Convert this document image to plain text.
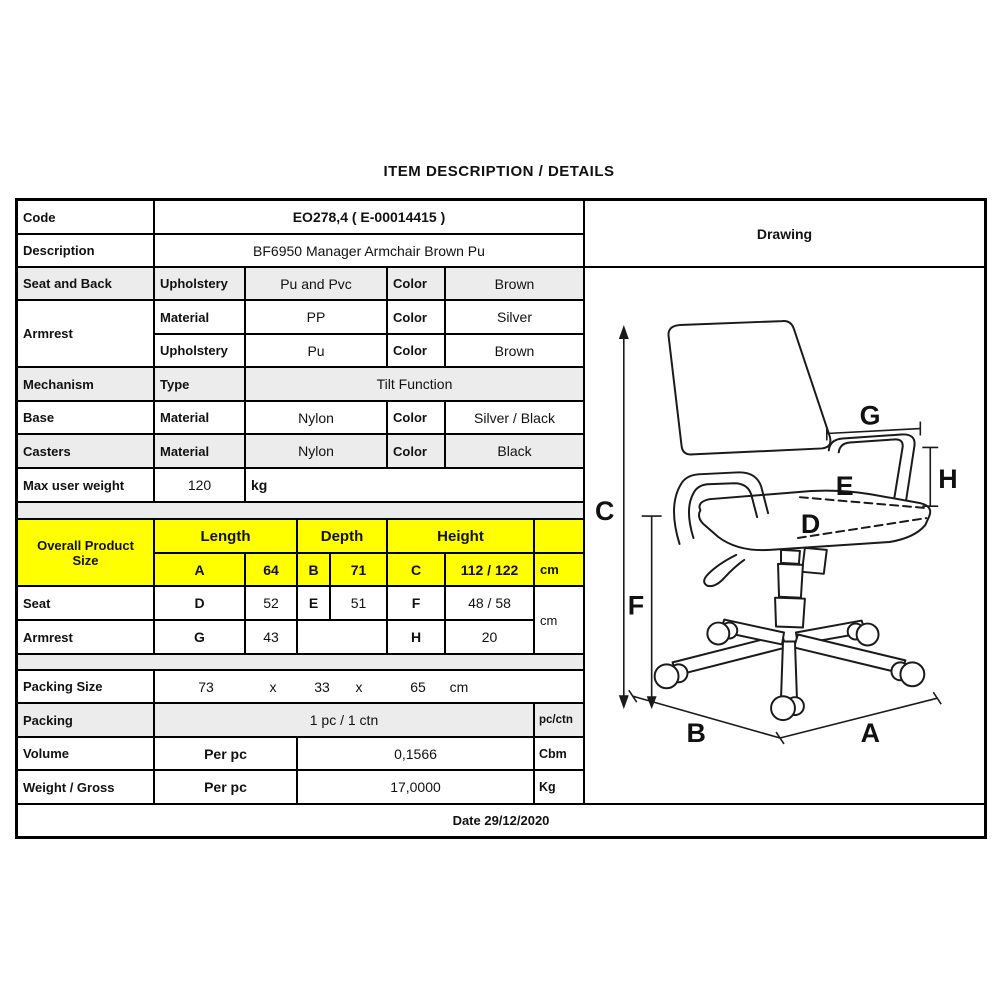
ITEM DESCRIPTION / DETAILS
Code	EO278,4 ( E-00014415 )
Drawing
Description	BF6950 Manager Armchair Brown Pu
Seat and Back	Upholstery	Pu and Pvc	Color	Brown
Armrest
Material	PP	Color	Silver
Upholstery	Pu	Color	Brown
Mechanism	Type	Tilt Function
Base	Material	Nylon	Color	Silver / Black
Casters	Material	Nylon	Color	Black
Max user weight	120	kg
Overall Product Size
Length	Depth	Height
A	64	B	71	C	112 / 122	cm
Seat	D	52	E	51	F	48 / 58
cm
Armrest	G	43	H	20
Packing Size	73	x	33 x	65 cm
Packing	1 pc / 1 ctn	pc/ctn
Volume	Per pc	0,1566	Cbm
Weight / Gross	Per pc	17,0000	Kg
Date 29/12/2020
C
F
G
H
E
D
B	A
